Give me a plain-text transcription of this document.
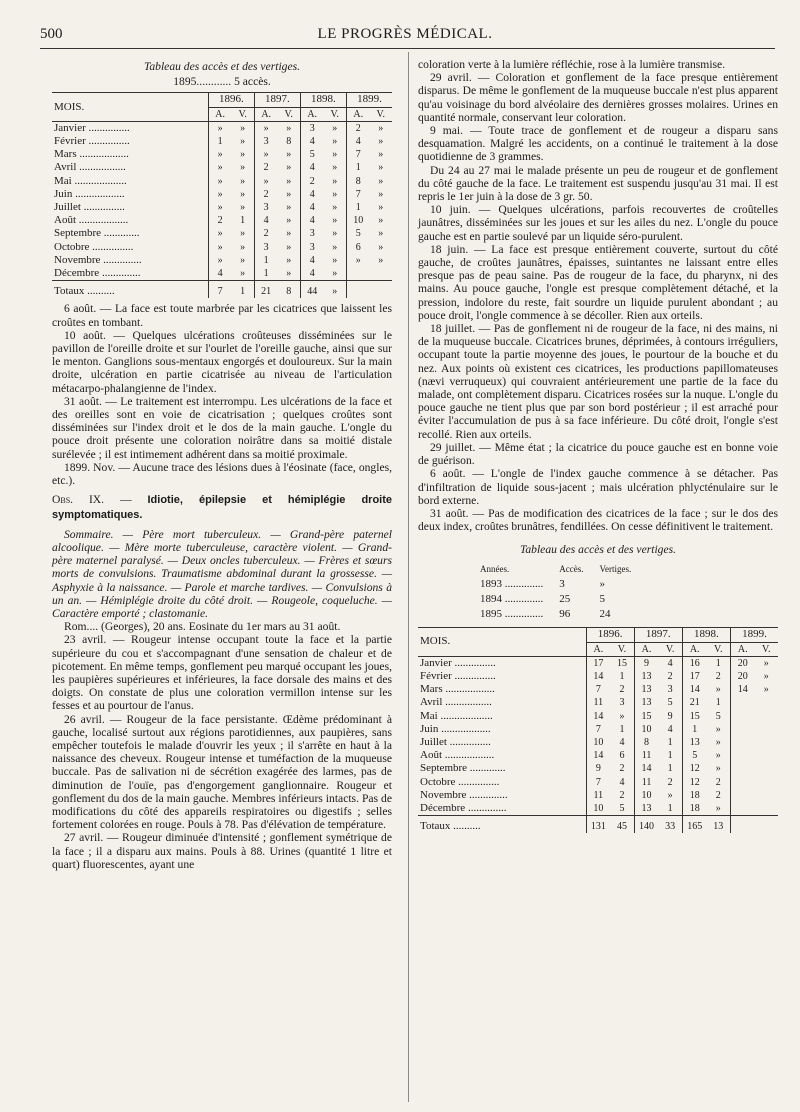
500	LE PROGRÈS MÉDICAL.
Tableau des accès et des vertiges.
1895............ 5 accès.
MOIS.	1896.		1897.		1898.		1899.	
	A.	V.	A.	V.	A.	V.	A.	V.
Janvier ...............	»	»	»	»	3	»	2	»
Février ...............	1	»	3	8	4	»	4	»
Mars ..................	»	»	»	»	5	»	7	»
Avril .................	»	»	2	»	4	»	1	»
Mai ...................	»	»	»	»	2	»	8	»
Juin ..................	»	»	2	»	4	»	7	»
Juillet ...............	»	»	3	»	4	»	1	»
Août ..................	2	1	4	»	4	»	10	»
Septembre .............	»	»	2	»	3	»	5	»
Octobre ...............	»	»	3	»	3	»	6	»
Novembre ..............	»	»	1	»	4	»	»	»
Décembre ..............	4	»	1	»	4	»		
Totaux ..........	7	1	21	8	44	»		

6 août. — La face est toute marbrée par les cicatrices que laissent les croûtes en tombant.

10 août. — Quelques ulcérations croûteuses disséminées sur le pavillon de l'oreille droite et sur l'ourlet de l'oreille gauche, ainsi que sur le menton. Ganglions sous-mentaux engorgés et douloureux. Sur la main droite, ulcération en partie cicatrisée au niveau de l'articulation métacarpo-phalangienne de l'index.

31 août. — Le traitement est interrompu. Les ulcérations de la face et des oreilles sont en voie de cicatrisation ; quelques croûtes sont disséminées sur l'index droit et le dos de la main gauche. L'ongle du pouce droit présente une coloration noirâtre dans sa moitié distale surélevée ; il est intimement adhérent dans sa moitié proximale.

1899. Nov. — Aucune trace des lésions dues à l'éosinate (face, ongles, etc.).

Obs. IX. — Idiotie, épilepsie et hémiplégie droite symptomatiques.

Sommaire. — Père mort tuberculeux. — Grand-père paternel alcoolique. — Mère morte tuberculeuse, caractère violent. — Grand-père maternel paralysé. — Deux oncles tuberculeux. — Frères et sœurs morts de convulsions. Traumatisme abdominal durant la grossesse. — Asphyxie à la naissance. — Parole et marche tardives. — Convulsions à un an. — Hémiplégie droite du côté droit. — Rougeole, coqueluche. — Caractère emporté ; clastomanie.

Rom.... (Georges), 20 ans. Eosinate du 1er mars au 31 août.

23 avril. — Rougeur intense occupant toute la face et la partie supérieure du cou et s'accompagnant d'une sensation de chaleur et de picotement. En même temps, gonflement peu marqué occupant les joues, les paupières supérieures et inférieures, la face dorsale des mains et des doigts. On constate de plus une coloration vermillon intense sur les fesses et au pourtour de l'anus.

26 avril. — Rougeur de la face persistante. Œdème prédominant à gauche, localisé surtout aux régions parotidiennes, aux paupières, sans empêcher toutefois le malade d'ouvrir les yeux ; il s'arrête en haut à la naissance des cheveux. Rougeur intense et tuméfaction de la muqueuse buccale. Pas de salivation ni de sécrétion exagérée des larmes, pas de diminution de l'ouïe, pas d'engorgement ganglionnaire. Rougeur et gonflement du dos de la main gauche. Membres inférieurs intacts. Pas de modifications du côté des appareils respiratoires ou digestifs ; selles fortement colorées en rouge. Pouls à 78. Pas d'élévation de température.

27 avril. — Rougeur diminuée d'intensité ; gonflement symétrique de la face ; il a disparu aux mains. Pouls à 88. Urines (quantité 1 litre et quart) fluorescentes, ayant une

coloration verte à la lumière réfléchie, rose à la lumière transmise.

29 avril. — Coloration et gonflement de la face presque entièrement disparus. De même le gonflement de la muqueuse buccale n'est plus apparent qu'au voisinage du bord alvéolaire des dernières grosses molaires. Urines en quantité normale, conservant leur coloration.

9 mai. — Toute trace de gonflement et de rougeur a disparu sans desquamation. Malgré les accidents, on a continué le traitement à la dose quotidienne de 3 grammes.

Du 24 au 27 mai le malade présente un peu de rougeur et de gonflement du côté gauche de la face. Le traitement est suspendu jusqu'au 31 mai. Il est repris le 1er juin à la dose de 3 gr. 50.

10 juin. — Quelques ulcérations, parfois recouvertes de croûtelles jaunâtres, disséminées sur les joues et sur les ailes du nez. L'ongle du pouce gauche est en partie soulevé par un liquide séro-purulent.

18 juin. — La face est presque entièrement couverte, surtout du côté gauche, de croûtes jaunâtres, épaisses, suintantes ne laissant entre elles presque pas de peau saine. Pas de rougeur de la face, du pharynx, ni des mains. Au pouce gauche, l'ongle est presque complètement détaché, et la pression, indolore du reste, fait sourdre un liquide purulent abondant ; au pouce droit, l'ongle commence à se décoller. Rien aux orteils.

18 juillet. — Pas de gonflement ni de rougeur de la face, ni des mains, ni de la muqueuse buccale. Cicatrices brunes, déprimées, à contours irréguliers, occupant toute la partie moyenne des joues, le pourtour de la bouche et du nez. Aux points où existent ces cicatrices, les productions papillomateuses (nævi verruqueux) qui couvraient antérieurement une partie de la face du malade, ont complètement disparu. Cicatrices rosées sur la nuque. L'ongle du pouce gauche ne tient plus que par son bord postérieur ; il est arraché pour éviter l'accumulation de pus à sa face inférieure. Du côté droit, l'ongle s'est recollé. Rien aux orteils.

29 juillet. — Même état ; la cicatrice du pouce gauche est en bonne voie de guérison.

6 août. — L'ongle de l'index gauche commence à se détacher. Pas d'infiltration de liquide sous-jacent ; mais ulcération phlycténulaire sur le bord externe.

31 août. — Pas de modification des cicatrices de la face ; sur le dos des deux index, croûtes brunâtres, fendillées. On cesse définitivent le traitement.

Tableau des accès et des vertiges.
Années.	Accès.	Vertiges.
1893 ..............	3	»
1894 ..............	25	5
1895 ..............	96	24
MOIS.	1896.		1897.		1898.		1899.	
	A.	V.	A.	V.	A.	V.	A.	V.
Janvier ...............	17	15	9	4	16	1	20	»
Février ...............	14	1	13	2	17	2	20	»
Mars ..................	7	2	13	3	14	»	14	»
Avril .................	11	3	13	5	21	1		
Mai ...................	14	»	15	9	15	5		
Juin ..................	7	1	10	4	1	»		
Juillet ...............	10	4	8	1	13	»		
Août ..................	14	6	11	1	5	»		
Septembre .............	9	2	14	1	12	»		
Octobre ...............	7	4	11	2	12	2		
Novembre ..............	11	2	10	»	18	2		
Décembre ..............	10	5	13	1	18	»		
Totaux ..........	131	45	140	33	165	13		
